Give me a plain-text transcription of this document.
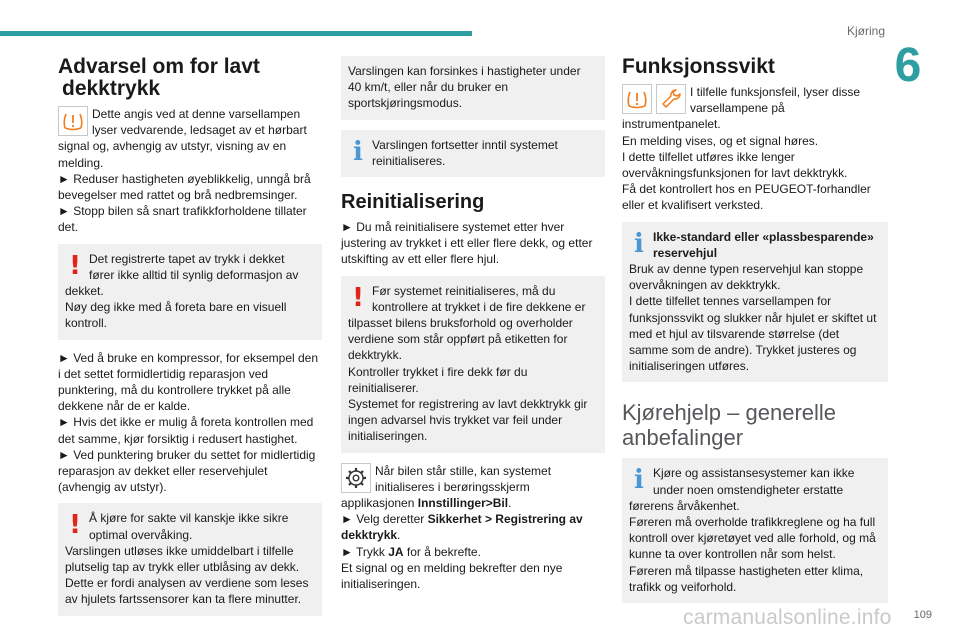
Kjøring
6
Advarsel om for lavt
dekktrykk

Dette angis ved at denne varsellampen

lyser vedvarende, ledsaget av et hørbart

signal og, avhengig av utstyr, visning av en melding.

► Reduser hastigheten øyeblikkelig, unngå brå bevegelser med rattet og brå nedbremsinger.

► Stopp bilen så snart trafikkforholdene tillater det.

! Det registrerte tapet av trykk i dekket

fører ikke alltid til synlig deformasjon av dekket.

Nøy deg ikke med å foreta bare en visuell kontroll.

► Ved å bruke en kompressor, for eksempel den i det settet formidlertidig reparasjon ved punktering, må du kontrollere trykket på alle dekkene når de er kalde.

► Hvis det ikke er mulig å foreta kontrollen med det samme, kjør forsiktig i redusert hastighet.

► Ved punktering bruker du settet for midlertidig reparasjon av dekket eller reservehjulet (avhengig av utstyr).

! Å kjøre for sakte vil kanskje ikke sikre

optimal overvåking.

Varslingen utløses ikke umiddelbart i tilfelle plutselig tap av trykk eller utblåsing av dekk.

Dette er fordi analysen av verdiene som leses av hjulets fartssensorer kan ta flere minutter.

Varslingen kan forsinkes i hastigheter under 40 km/t, eller når du bruker en sportskjøringsmodus.

i Varslingen fortsetter inntil systemet reinitialiseres.

Reinitialisering

► Du må reinitialisere systemet etter hver justering av trykket i ett eller flere dekk, og etter utskifting av ett eller flere hjul.

! Før systemet reinitialiseres, må du

kontrollere at trykket i de fire dekkene er tilpasset bilens bruksforhold og overholder verdiene som står oppført på etiketten for dekktrykk.

Kontroller trykket i fire dekk før du reinitialiserer.

Systemet for registrering av lavt dekktrykk gir ingen advarsel hvis trykket var feil under initialiseringen.

Når bilen står stille, kan systemet

initialiseres i berøringsskjerm

applikasjonen Innstillinger>Bil.

► Velg deretter Sikkerhet > Registrering av dekktrykk.

► Trykk JA for å bekrefte.

Et signal og en melding bekrefter den nye initialiseringen.

Funksjonssvikt

I tilfelle funksjonsfeil, lyser disse

varsellampene på

instrumentpanelet.

En melding vises, og et signal høres.

I dette tilfellet utføres ikke lenger overvåkningsfunksjonen for lavt dekktrykk.

Få det kontrollert hos en PEUGEOT-forhandler eller et kvalifisert verksted.

i Ikke-standard eller «plassbesparende» reservehjul

Bruk av denne typen reservehjul kan stoppe overvåkningen av dekktrykk.

I dette tilfellet tennes varsellampen for funksjonssvikt og slukker når hjulet er skiftet ut med et hjul av tilsvarende størrelse (det samme som de andre). Trykket justeres og initialiseringen utføres.

Kjørehjelp – generelle anbefalinger
i Kjøre og assistansesystemer kan ikke under noen omstendigheter erstatte

førerens årvåkenhet.

Føreren må overholde trafikkreglene og ha full kontroll over kjøretøyet ved alle forhold, og må kunne ta over kontrollen når som helst.

Føreren må tilpasse hastigheten etter klima, trafikk og veiforhold.

109
carmanualsonline.info
